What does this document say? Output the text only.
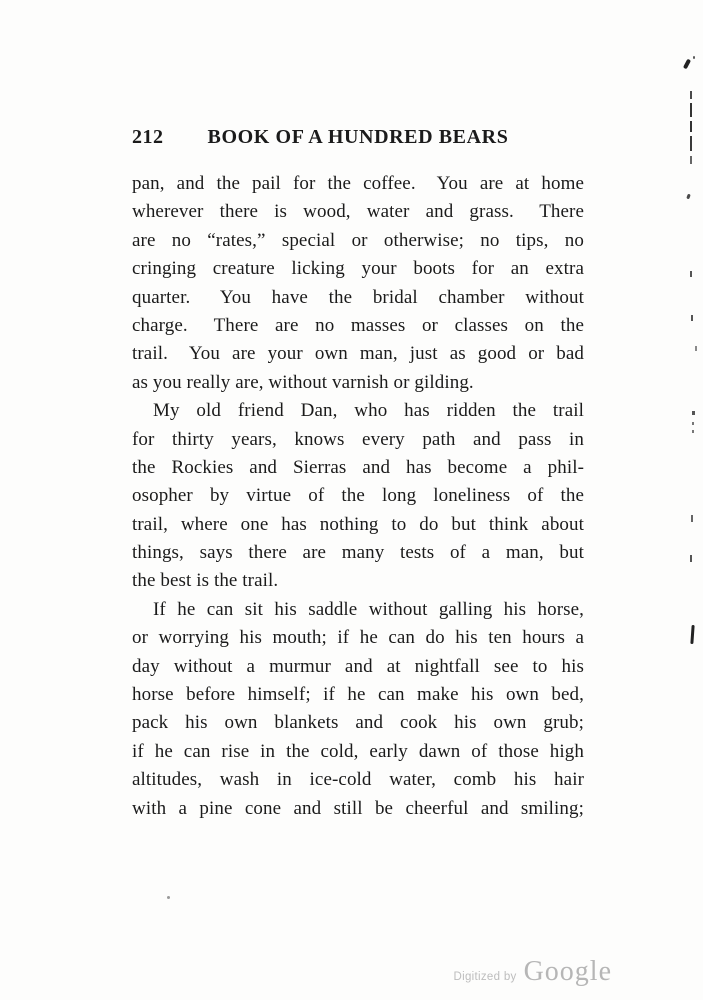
212	BOOK OF A HUNDRED BEARS
pan, and the pail for the coffee.  You are at home
wherever there is wood, water and grass.  There
are no “rates,” special or otherwise; no tips, no
cringing creature licking your boots for an extra
quarter.  You have the bridal chamber without
charge.  There are no masses or classes on the
trail.  You are your own man, just as good or bad
as you really are, without varnish or gilding.
My old friend Dan, who has ridden the trail
for thirty years, knows every path and pass in
the Rockies and Sierras and has become a phil-
osopher by virtue of the long loneliness of the
trail, where one has nothing to do but think about
things, says there are many tests of a man, but
the best is the trail.
If he can sit his saddle without galling his horse,
or worrying his mouth; if he can do his ten hours a
day without a murmur and at nightfall see to his
horse before himself; if he can make his own bed,
pack his own blankets and cook his own grub;
if he can rise in the cold, early dawn of those high
altitudes, wash in ice-cold water, comb his hair
with a pine cone and still be cheerful and smiling;
Digitized by Google
